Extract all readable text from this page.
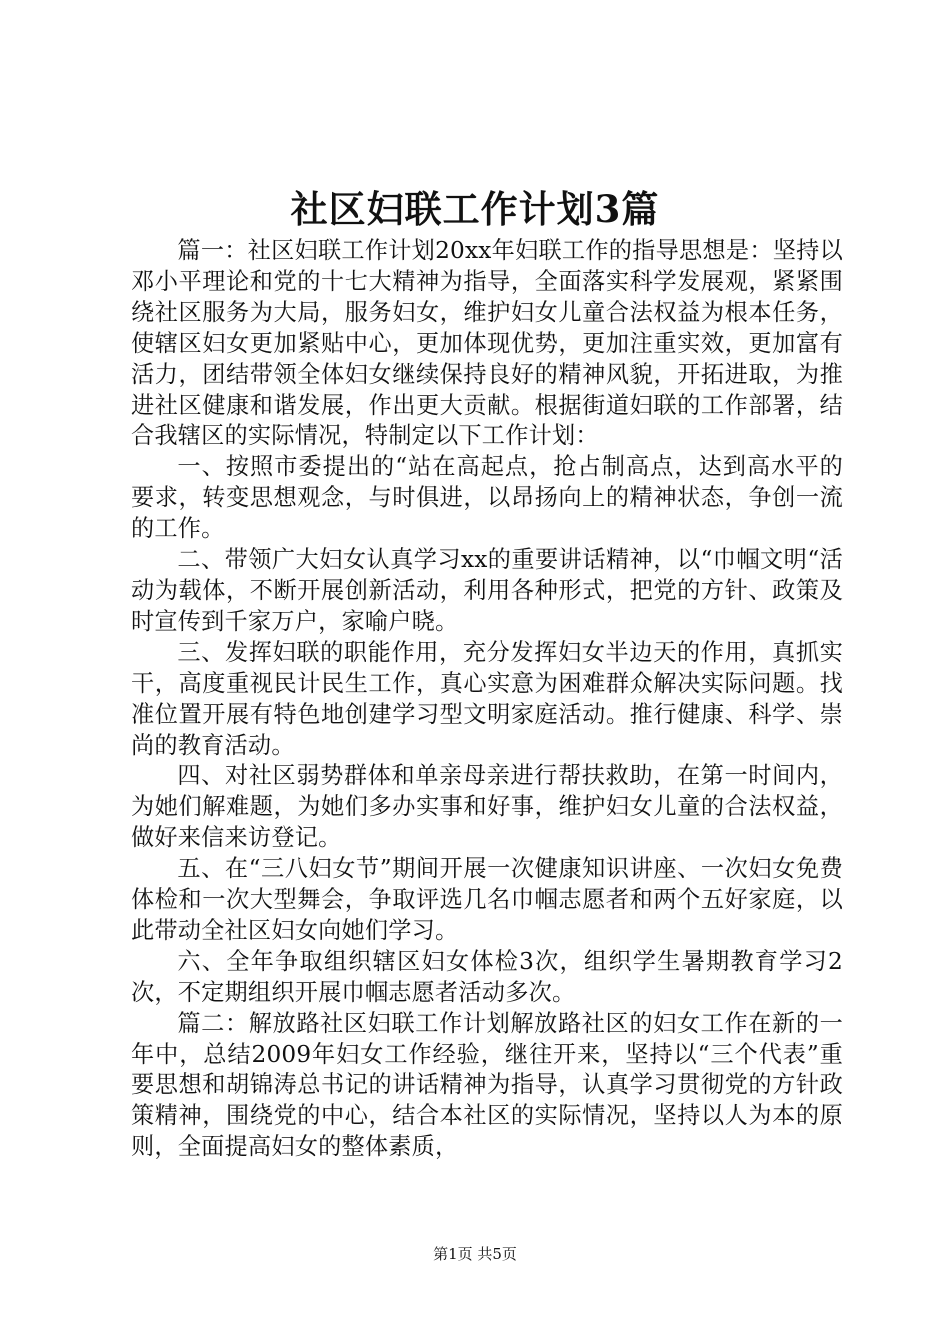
社区妇联工作计划3篇

篇一：社区妇联工作计划20xx年妇联工作的指导思想是：坚持以邓小平理论和党的十七大精神为指导，全面落实科学发展观，紧紧围绕社区服务为大局，服务妇女，维护妇女儿童合法权益为根本任务，使辖区妇女更加紧贴中心，更加体现优势，更加注重实效，更加富有活力，团结带领全体妇女继续保持良好的精神风貌，开拓进取，为推进社区健康和谐发展，作出更大贡献。根据街道妇联的工作部署，结合我辖区的实际情况，特制定以下工作计划：

一、按照市委提出的“站在高起点，抢占制高点，达到高水平的要求，转变思想观念，与时俱进，以昂扬向上的精神状态，争创一流的工作。

二、带领广大妇女认真学习xx的重要讲话精神，以“巾帼文明“活动为载体，不断开展创新活动，利用各种形式，把党的方针、政策及时宣传到千家万户，家喻户晓。

三、发挥妇联的职能作用，充分发挥妇女半边天的作用，真抓实干，高度重视民计民生工作，真心实意为困难群众解决实际问题。找准位置开展有特色地创建学习型文明家庭活动。推行健康、科学、崇尚的教育活动。

四、对社区弱势群体和单亲母亲进行帮扶救助，在第一时间内，为她们解难题，为她们多办实事和好事，维护妇女儿童的合法权益，做好来信来访登记。

五、在“三八妇女节”期间开展一次健康知识讲座、一次妇女免费体检和一次大型舞会，争取评选几名巾帼志愿者和两个五好家庭，以此带动全社区妇女向她们学习。

六、全年争取组织辖区妇女体检3次，组织学生暑期教育学习2次，不定期组织开展巾帼志愿者活动多次。

篇二：解放路社区妇联工作计划解放路社区的妇女工作在新的一年中，总结2009年妇女工作经验，继往开来，坚持以“三个代表”重要思想和胡锦涛总书记的讲话精神为指导，认真学习贯彻党的方针政策精神，围绕党的中心，结合本社区的实际情况，坚持以人为本的原则，全面提高妇女的整体素质，

第1页 共5页
